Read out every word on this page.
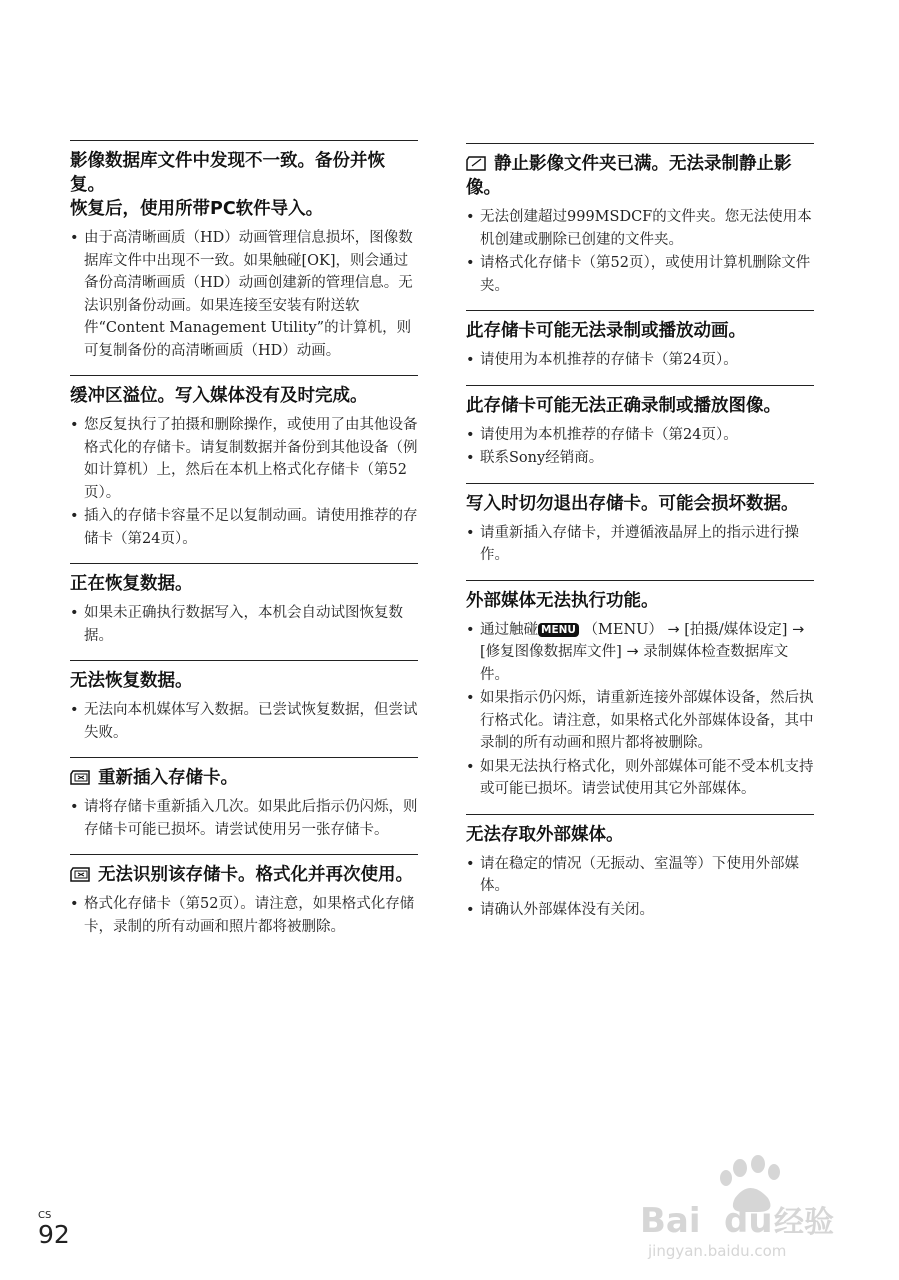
影像数据库文件中发现不一致。备份并恢复。
恢复后，使用所带PC软件导入。
• 由于高清晰画质（HD）动画管理信息损坏，图像数据库文件中出现不一致。如果触碰[OK]，则会通过备份高清晰画质（HD）动画创建新的管理信息。无法识别备份动画。如果连接至安装有附送软件“Content Management Utility”的计算机，则可复制备份的高清晰画质（HD）动画。
缓冲区溢位。写入媒体没有及时完成。
• 您反复执行了拍摄和删除操作，或使用了由其他设备格式化的存储卡。请复制数据并备份到其他设备（例如计算机）上，然后在本机上格式化存储卡（第52页）。
• 插入的存储卡容量不足以复制动画。请使用推荐的存储卡（第24页）。
正在恢复数据。
• 如果未正确执行数据写入，本机会自动试图恢复数据。
无法恢复数据。
• 无法向本机媒体写入数据。已尝试恢复数据，但尝试失败。
重新插入存储卡。
• 请将存储卡重新插入几次。如果此后指示仍闪烁，则存储卡可能已损坏。请尝试使用另一张存储卡。
无法识别该存储卡。格式化并再次使用。
• 格式化存储卡（第52页）。请注意，如果格式化存储卡，录制的所有动画和照片都将被删除。
静止影像文件夹已满。无法录制静止影像。
• 无法创建超过999MSDCF的文件夹。您无法使用本机创建或删除已创建的文件夹。
• 请格式化存储卡（第52页），或使用计算机删除文件夹。
此存储卡可能无法录制或播放动画。
• 请使用为本机推荐的存储卡（第24页）。
此存储卡可能无法正确录制或播放图像。
• 请使用为本机推荐的存储卡（第24页）。
• 联系Sony经销商。
写入时切勿退出存储卡。可能会损坏数据。
• 请重新插入存储卡，并遵循液晶屏上的指示进行操作。
外部媒体无法执行功能。
• 通过触碰 MENU （MENU） → [拍摄/媒体设定] → [修复图像数据库文件] → 录制媒体检查数据库文件。
• 如果指示仍闪烁，请重新连接外部媒体设备，然后执行格式化。请注意，如果格式化外部媒体设备，其中录制的所有动画和照片都将被删除。
• 如果无法执行格式化，则外部媒体可能不受本机支持或可能已损坏。请尝试使用其它外部媒体。
无法存取外部媒体。
• 请在稳定的情况（无振动、室温等）下使用外部媒体。
• 请确认外部媒体没有关闭。
CS
92	Bai du 经验
jingyan.baidu.com
